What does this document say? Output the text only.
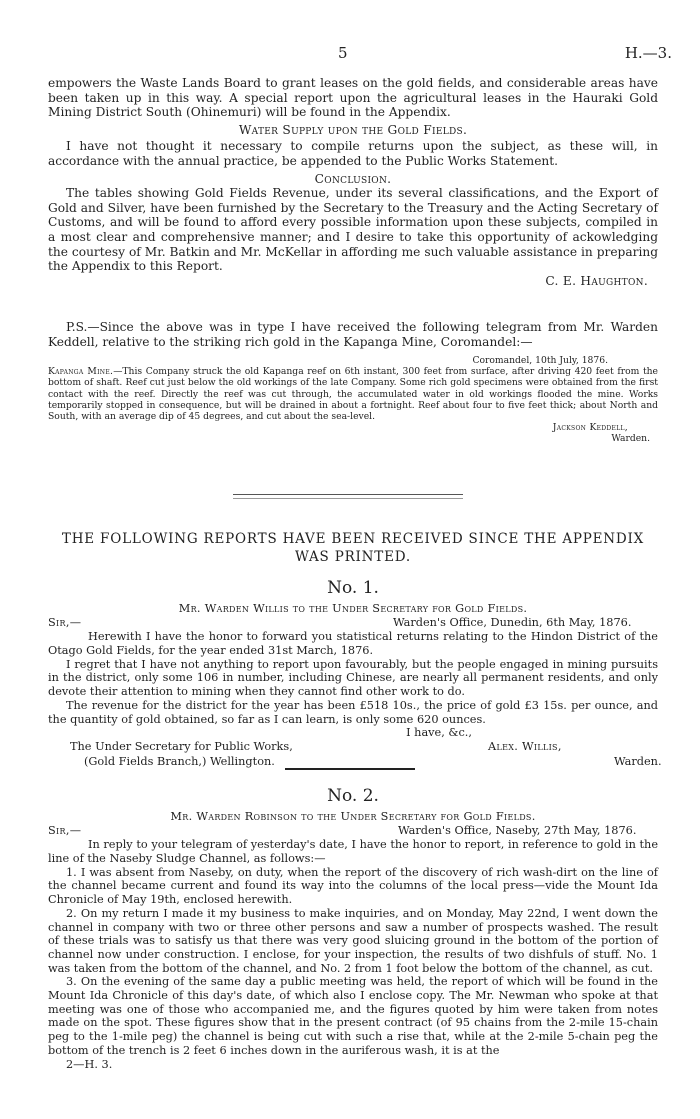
5	H.—3.

empowers the Waste Lands Board to grant leases on the gold fields, and considerable areas have been taken up in this way. A special report upon the agricultural leases in the Hauraki Gold Mining District South (Ohinemuri) will be found in the Appendix.

Water Supply upon the Gold Fields.

I have not thought it necessary to compile returns upon the subject, as these will, in accordance with the annual practice, be appended to the Public Works Statement.

Conclusion.

The tables showing Gold Fields Revenue, under its several classifications, and the Export of Gold and Silver, have been furnished by the Secretary to the Treasury and the Acting Secretary of Customs, and will be found to afford every possible information upon these subjects, compiled in a most clear and comprehensive manner; and I desire to take this opportunity of ackowledging the courtesy of Mr. Batkin and Mr. McKellar in affording me such valuable assistance in preparing the Appendix to this Report.

C. E. Haughton.

P.S.—Since the above was in type I have received the following telegram from Mr. Warden Keddell, relative to the striking rich gold in the Kapanga Mine, Coromandel:—

Coromandel, 10th July, 1876.

Kapanga Mine.—This Company struck the old Kapanga reef on 6th instant, 300 feet from surface, after driving 420 feet from the bottom of shaft. Reef cut just below the old workings of the late Company. Some rich gold specimens were obtained from the first contact with the reef. Directly the reef was cut through, the accumulated water in old workings flooded the mine. Works temporarily stopped in consequence, but will be drained in about a fortnight. Reef about four to five feet thick; about North and South, with an average dip of 45 degrees, and cut about the sea-level.

Jackson Keddell,

Warden.

THE FOLLOWING REPORTS HAVE BEEN RECEIVED SINCE THE APPENDIX WAS PRINTED.
No. 1.

Mr. Warden Willis to the Under Secretary for Gold Fields.

Sir,—	Warden's Office, Dunedin, 6th May, 1876.

Herewith I have the honor to forward you statistical returns relating to the Hindon District of the Otago Gold Fields, for the year ended 31st March, 1876.

I regret that I have not anything to report upon favourably, but the people engaged in mining pursuits in the district, only some 106 in number, including Chinese, are nearly all permanent residents, and only devote their attention to mining when they cannot find other work to do.

The revenue for the district for the year has been £518 10s., the price of gold £3 15s. per ounce, and the quantity of gold obtained, so far as I can learn, is only some 620 ounces.

I have, &c.,

The Under Secretary for Public Works,	Alex. Willis,
(Gold Fields Branch,) Wellington.	Warden.
No. 2.

Mr. Warden Robinson to the Under Secretary for Gold Fields.

Sir,—	Warden's Office, Naseby, 27th May, 1876.

In reply to your telegram of yesterday's date, I have the honor to report, in reference to gold in the line of the Naseby Sludge Channel, as follows:—

1. I was absent from Naseby, on duty, when the report of the discovery of rich wash-dirt on the line of the channel became current and found its way into the columns of the local press—vide the Mount Ida Chronicle of May 19th, enclosed herewith.

2. On my return I made it my business to make inquiries, and on Monday, May 22nd, I went down the channel in company with two or three other persons and saw a number of prospects washed. The result of these trials was to satisfy us that there was very good sluicing ground in the bottom of the portion of channel now under construction. I enclose, for your inspection, the results of two dishfuls of stuff. No. 1 was taken from the bottom of the channel, and No. 2 from 1 foot below the bottom of the channel, as cut.

3. On the evening of the same day a public meeting was held, the report of which will be found in the Mount Ida Chronicle of this day's date, of which also I enclose copy. The Mr. Newman who spoke at that meeting was one of those who accompanied me, and the figures quoted by him were taken from notes made on the spot. These figures show that in the present contract (of 95 chains from the 2-mile 15-chain peg to the 1-mile peg) the channel is being cut with such a rise that, while at the 2-mile 5-chain peg the bottom of the trench is 2 feet 6 inches down in the auriferous wash, it is at the

2—H. 3.
